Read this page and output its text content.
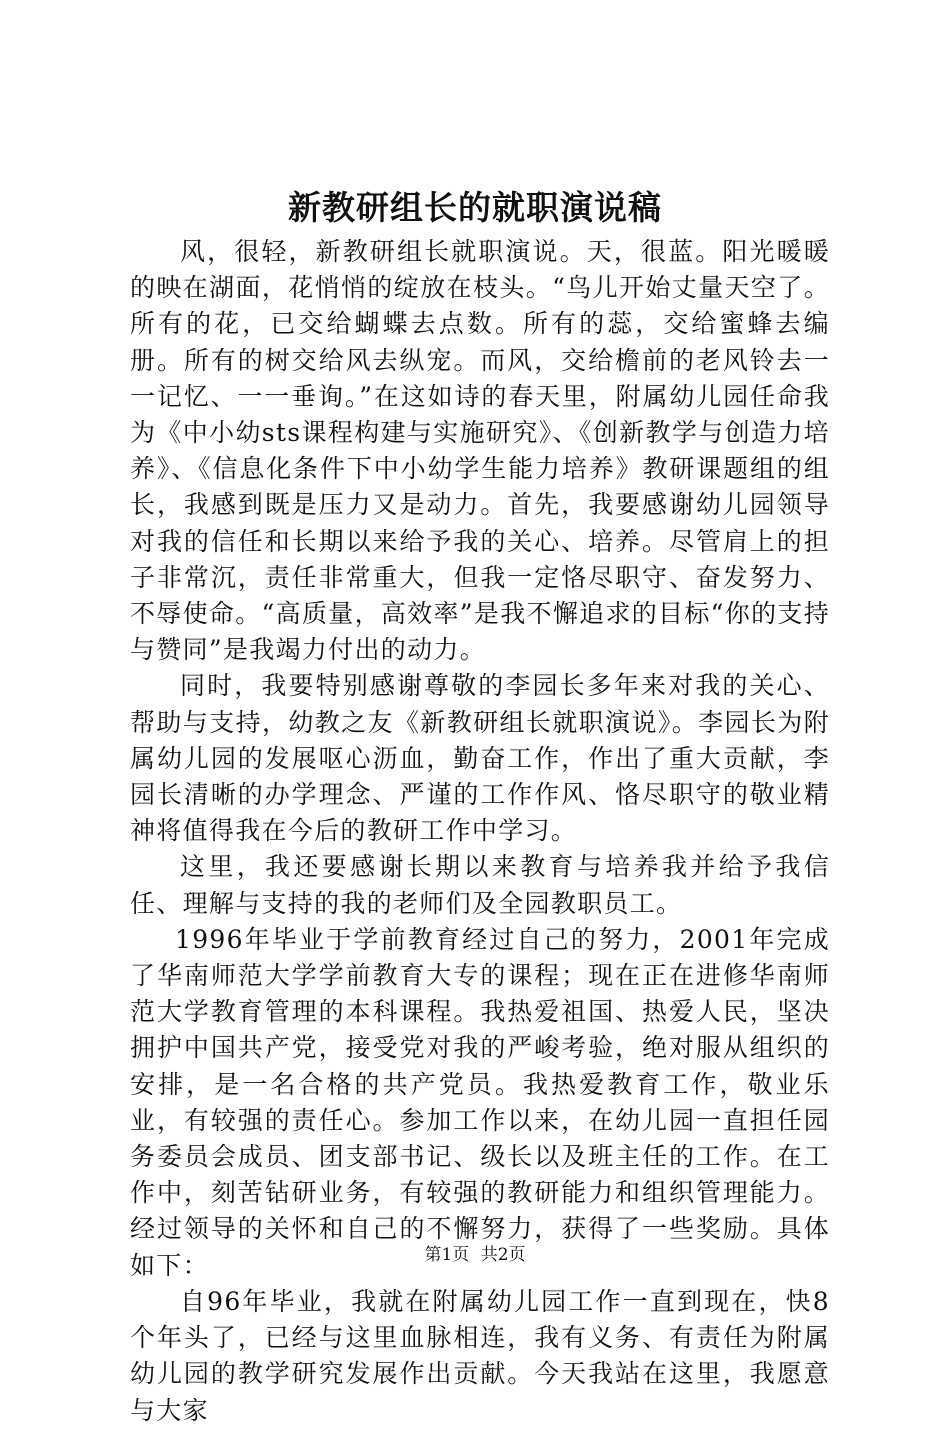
新教研组长的就职演说稿

风，很轻，新教研组长就职演说。天，很蓝。阳光暖暖的映在湖面，花悄悄的绽放在枝头。“鸟儿开始丈量天空了。所有的花，已交给蝴蝶去点数。所有的蕊，交给蜜蜂去编册。所有的树交给风去纵宠。而风，交给檐前的老风铃去一一记忆、一一垂询。”在这如诗的春天里，附属幼儿园任命我为《中小幼sts课程构建与实施研究》、《创新教学与创造力培养》、《信息化条件下中小幼学生能力培养》教研课题组的组长，我感到既是压力又是动力。首先，我要感谢幼儿园领导对我的信任和长期以来给予我的关心、培养。尽管肩上的担子非常沉，责任非常重大，但我一定恪尽职守、奋发努力、不辱使命。“高质量，高效率”是我不懈追求的目标“你的支持与赞同”是我竭力付出的动力。

同时，我要特别感谢尊敬的李园长多年来对我的关心、帮助与支持，幼教之友《新教研组长就职演说》。李园长为附属幼儿园的发展呕心沥血，勤奋工作，作出了重大贡献，李园长清晰的办学理念、严谨的工作作风、恪尽职守的敬业精神将值得我在今后的教研工作中学习。

这里，我还要感谢长期以来教育与培养我并给予我信任、理解与支持的我的老师们及全园教职员工。

1996年毕业于学前教育经过自己的努力，2001年完成了华南师范大学学前教育大专的课程；现在正在进修华南师范大学教育管理的本科课程。我热爱祖国、热爱人民，坚决拥护中国共产党，接受党对我的严峻考验，绝对服从组织的安排，是一名合格的共产党员。我热爱教育工作，敬业乐业，有较强的责任心。参加工作以来，在幼儿园一直担任园务委员会成员、团支部书记、级长以及班主任的工作。在工作中，刻苦钻研业务，有较强的教研能力和组织管理能力。经过领导的关怀和自己的不懈努力，获得了一些奖励。具体如下：

自96年毕业，我就在附属幼儿园工作一直到现在，快8个年头了，已经与这里血脉相连，我有义务、有责任为附属幼儿园的教学研究发展作出贡献。今天我站在这里，我愿意与大家

第1页 共2页
